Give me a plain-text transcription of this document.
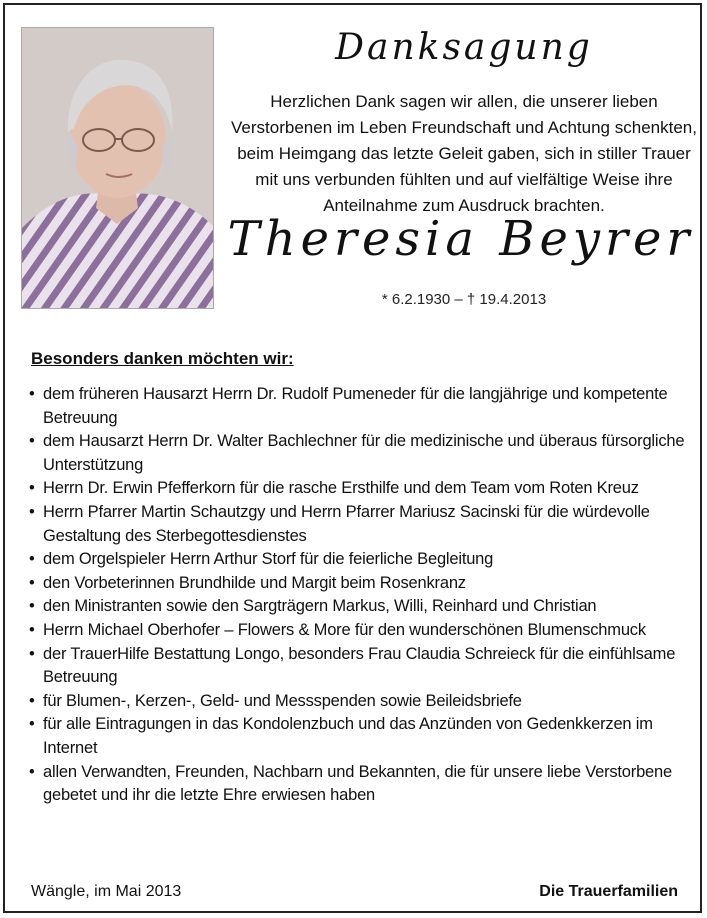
Danksagung
Herzlichen Dank sagen wir allen, die unserer lieben
Verstorbenen im Leben Freundschaft und Achtung schenkten,
beim Heimgang das letzte Geleit gaben, sich in stiller Trauer
mit uns verbunden fühlten und auf vielfältige Weise ihre
Anteilnahme zum Ausdruck brachten.
Theresia Beyrer
* 6.2.1930 – † 19.4.2013
Besonders danken möchten wir:
• dem früheren Hausarzt Herrn Dr. Rudolf Pumeneder für die langjährige und kompetente Betreuung
• dem Hausarzt Herrn Dr. Walter Bachlechner für die medizinische und überaus fürsorgliche Unterstützung
• Herrn Dr. Erwin Pfefferkorn für die rasche Ersthilfe und dem Team vom Roten Kreuz
• Herrn Pfarrer Martin Schautzgy und Herrn Pfarrer Mariusz Sacinski für die würdevolle Gestaltung des Sterbegottesdienstes
• dem Orgelspieler Herrn Arthur Storf für die feierliche Begleitung
• den Vorbeterinnen Brundhilde und Margit beim Rosenkranz
• den Ministranten sowie den Sargträgern Markus, Willi, Reinhard und Christian
• Herrn Michael Oberhofer – Flowers & More für den wunderschönen Blumenschmuck
• der TrauerHilfe Bestattung Longo, besonders Frau Claudia Schreieck für die einfühlsame Betreuung
• für Blumen-, Kerzen-, Geld- und Messspenden sowie Beileidsbriefe
• für alle Eintragungen in das Kondolenzbuch und das Anzünden von Gedenkkerzen im Internet
• allen Verwandten, Freunden, Nachbarn und Bekannten, die für unsere liebe Verstorbene gebetet und ihr die letzte Ehre erwiesen haben
Wängle, im Mai 2013	Die Trauerfamilien
